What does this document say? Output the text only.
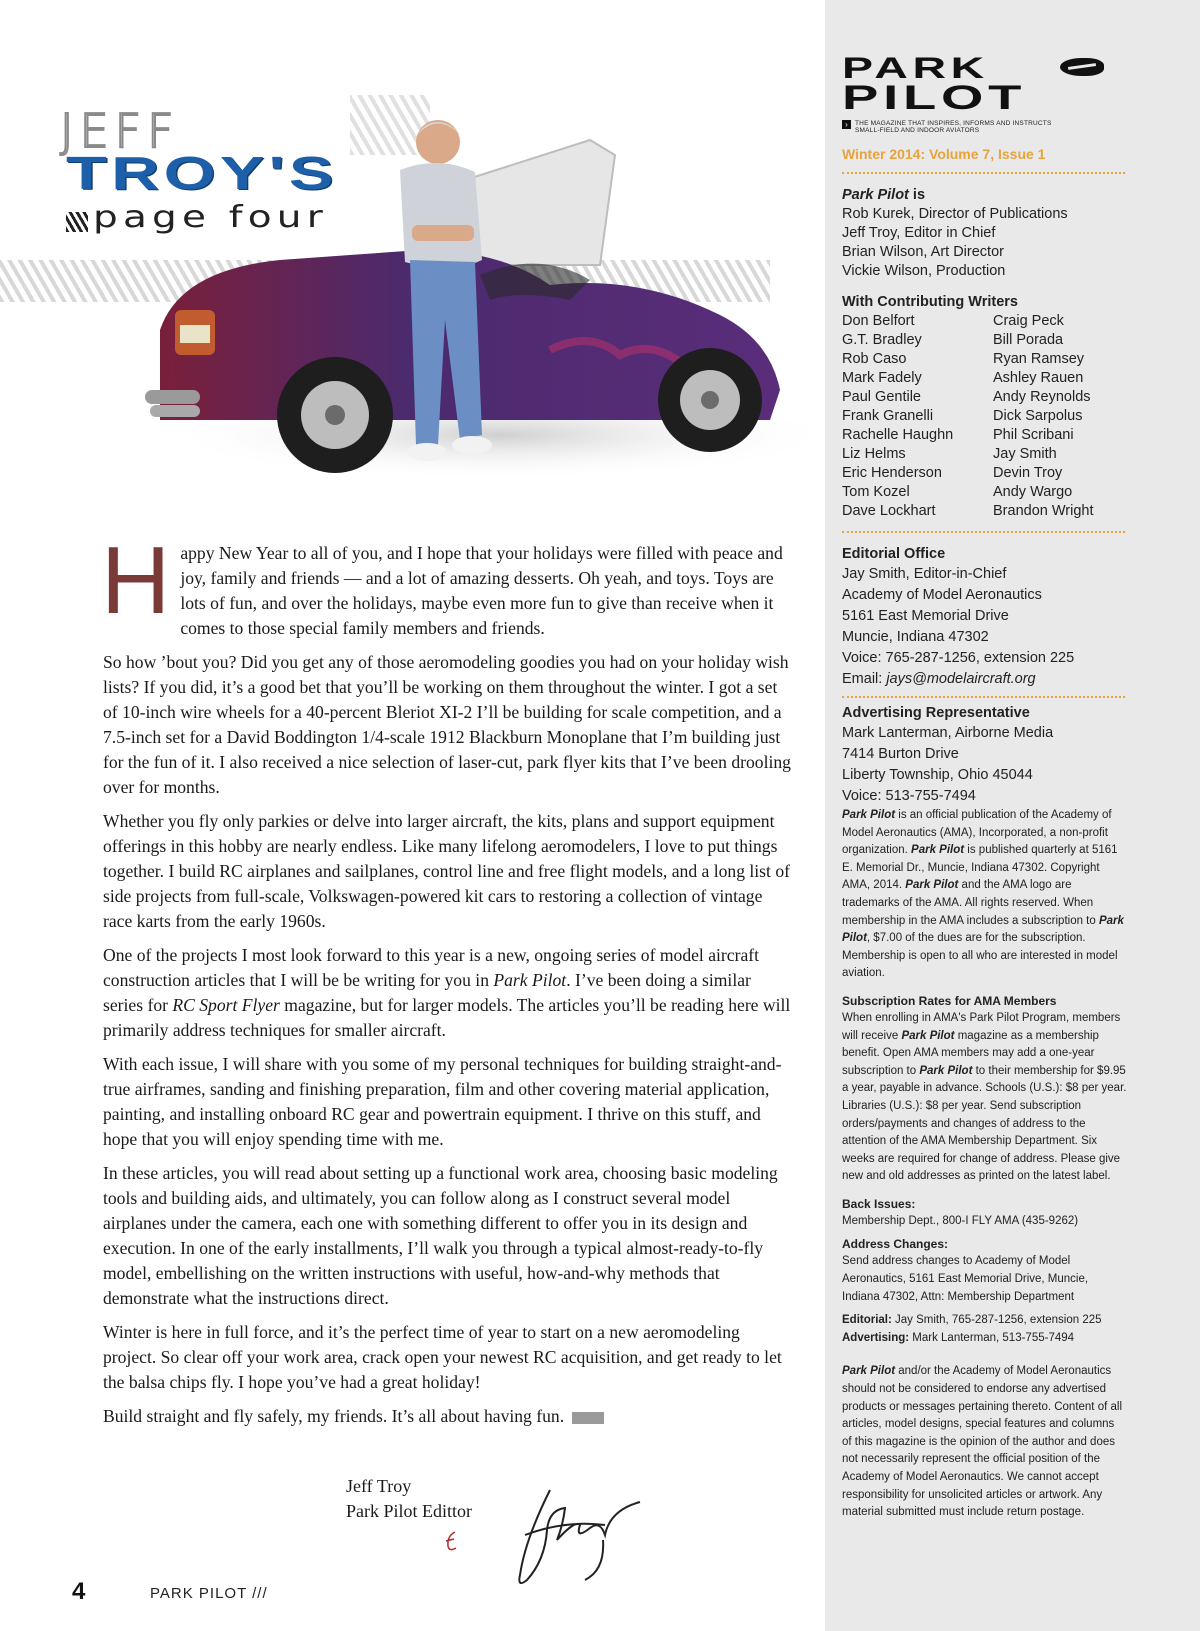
JEFF
TROY'S
page four

Happy New Year to all of you, and I hope that your holidays were filled with peace and joy, family and friends — and a lot of amazing desserts. Oh yeah, and toys. Toys are lots of fun, and over the holidays, maybe even more fun to give than receive when it comes to those special family members and friends.

So how ’bout you? Did you get any of those aeromodeling goodies you had on your holiday wish lists? If you did, it’s a good bet that you’ll be working on them throughout the winter. I got a set of 10-inch wire wheels for a 40-percent Bleriot XI-2 I’ll be building for scale competition, and a 7.5-inch set for a David Boddington 1/4-scale 1912 Blackburn Monoplane that I’m building just for the fun of it. I also received a nice selection of laser-cut, park flyer kits that I’ve been drooling over for months.

Whether you fly only parkies or delve into larger aircraft, the kits, plans and support equipment offerings in this hobby are nearly endless. Like many lifelong aeromodelers, I love to put things together. I build RC airplanes and sailplanes, control line and free flight models, and a long list of side projects from full-scale, Volkswagen-powered kit cars to restoring a collection of vintage race karts from the early 1960s.

One of the projects I most look forward to this year is a new, ongoing series of model aircraft construction articles that I will be be writing for you in Park Pilot. I’ve been doing a similar series for RC Sport Flyer magazine, but for larger models. The articles you’ll be reading here will primarily address techniques for smaller aircraft.

With each issue, I will share with you some of my personal techniques for building straight-and-true airframes, sanding and finishing preparation, film and other covering material application, painting, and installing onboard RC gear and powertrain equipment. I thrive on this stuff, and hope that you will enjoy spending time with me.

In these articles, you will read about setting up a functional work area, choosing basic modeling tools and building aids, and ultimately, you can follow along as I construct several model airplanes under the camera, each one with something different to offer you in its design and execution. In one of the early installments, I’ll walk you through a typical almost-ready-to-fly model, embellishing on the written instructions with useful, how-and-why methods that demonstrate what the instructions direct.

Winter is here in full force, and it’s the perfect time of year to start on a new aeromodeling project. So clear off your work area, crack open your newest RC acquisition, and get ready to let the balsa chips fly. I hope you’ve had a great holiday!

Build straight and fly safely, my friends. It’s all about having fun.

Jeff Troy
Park Pilot Edittor
4	PARK PILOT ///
PARK
PILOT
›	THE MAGAZINE THAT INSPIRES, INFORMS AND INSTRUCTS
SMALL-FIELD AND INDOOR AVIATORS
Winter 2014: Volume 7, Issue 1
Park Pilot is
Rob Kurek, Director of Publications
Jeff Troy, Editor in Chief
Brian Wilson, Art Director
Vickie Wilson, Production
With Contributing Writers
Don Belfort	Craig Peck
G.T. Bradley	Bill Porada
Rob Caso	Ryan Ramsey
Mark Fadely	Ashley Rauen
Paul Gentile	Andy Reynolds
Frank Granelli	Dick Sarpolus
Rachelle Haughn	Phil Scribani
Liz Helms	Jay Smith
Eric Henderson	Devin Troy
Tom Kozel	Andy Wargo
Dave Lockhart	Brandon Wright
Editorial Office
Jay Smith, Editor-in-Chief
Academy of Model Aeronautics
5161 East Memorial Drive
Muncie, Indiana 47302
Voice: 765-287-1256, extension 225
Email: jays@modelaircraft.org
Advertising Representative
Mark Lanterman, Airborne Media
7414 Burton Drive
Liberty Township, Ohio 45044
Voice: 513-755-7494
Park Pilot is an official publication of the Academy of Model Aeronautics (AMA), Incorporated, a non-profit organization. Park Pilot is published quarterly at 5161 E. Memorial Dr., Muncie, Indiana 47302. Copyright AMA, 2014. Park Pilot and the AMA logo are trademarks of the AMA. All rights reserved. When membership in the AMA includes a subscription to Park Pilot, $7.00 of the dues are for the subscription. Membership is open to all who are interested in model aviation.
Subscription Rates for AMA Members
When enrolling in AMA's Park Pilot Program, members will receive Park Pilot magazine as a membership benefit. Open AMA members may add a one-year subscription to Park Pilot to their membership for $9.95 a year, payable in advance. Schools (U.S.): $8 per year. Libraries (U.S.): $8 per year. Send subscription orders/payments and changes of address to the attention of the AMA Membership Department. Six weeks are required for change of address. Please give new and old addresses as printed on the latest label.
Back Issues:
Membership Dept., 800-I FLY AMA (435-9262)
Address Changes:
Send address changes to Academy of Model Aeronautics, 5161 East Memorial Drive, Muncie, Indiana 47302, Attn: Membership Department
Editorial: Jay Smith, 765-287-1256, extension 225
Advertising: Mark Lanterman, 513-755-7494
Park Pilot and/or the Academy of Model Aeronautics should not be considered to endorse any advertised products or messages pertaining thereto. Content of all articles, model designs, special features and columns of this magazine is the opinion of the author and does not necessarily represent the official position of the Academy of Model Aeronautics. We cannot accept responsibility for unsolicited articles or artwork. Any material submitted must include return postage.
